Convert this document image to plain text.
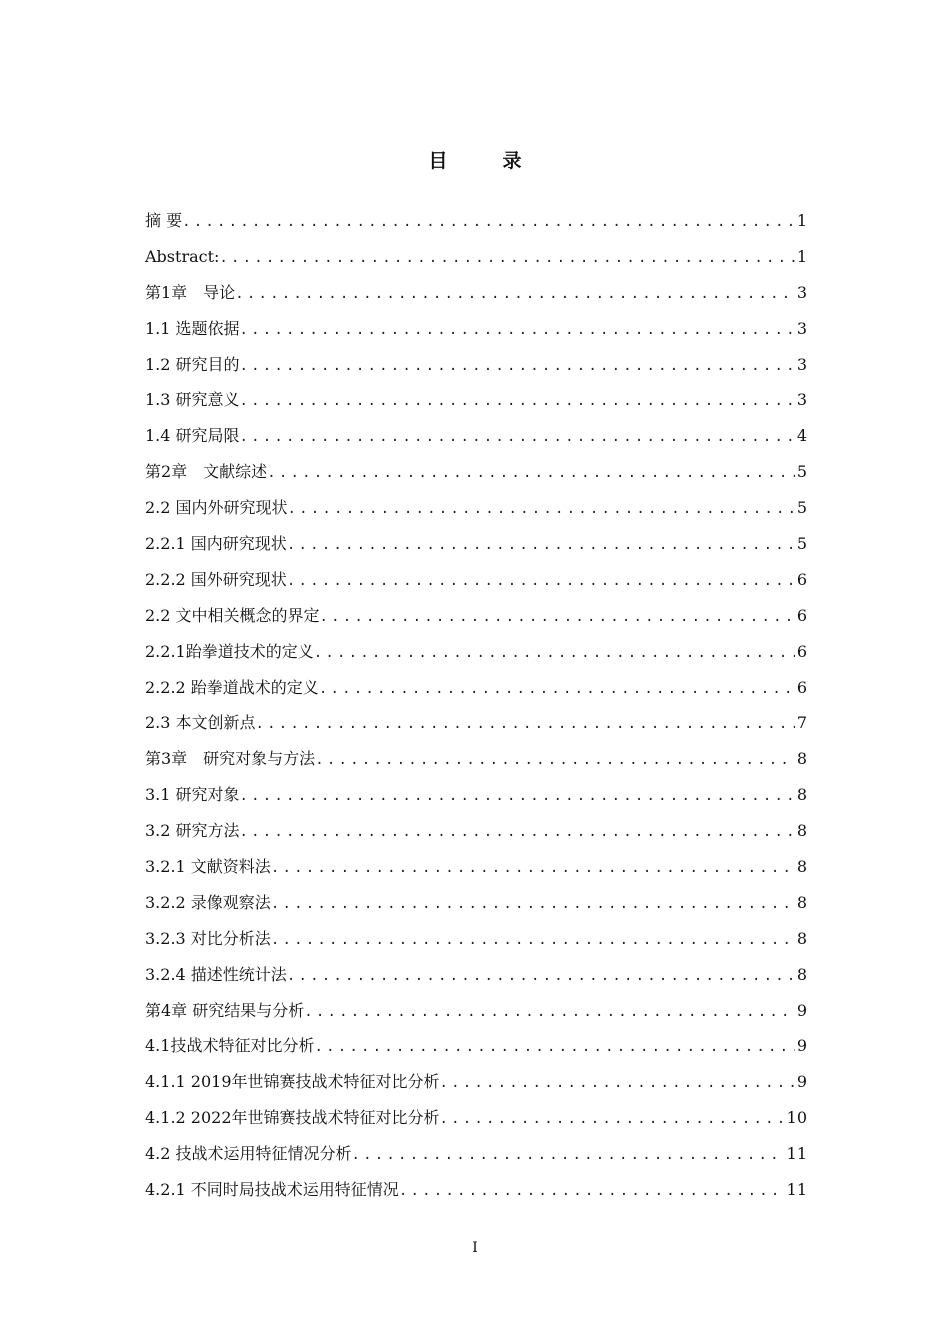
目　录
摘 要 .....	1
Abstract: .....	1
第1章　导论 .....	3
1.1 选题依据 .....	3
1.2 研究目的 .....	3
1.3 研究意义 .....	3
1.4 研究局限 .....	4
第2章　文献综述 .....	5
2.2 国内外研究现状 .....	5
2.2.1 国内研究现状 .....	5
2.2.2 国外研究现状 .....	6
2.2 文中相关概念的界定 .....	6
2.2.1跆拳道技术的定义 .....	6
2.2.2 跆拳道战术的定义 .....	6
2.3 本文创新点 .....	7
第3章　研究对象与方法 .....	8
3.1 研究对象 .....	8
3.2 研究方法 .....	8
3.2.1 文献资料法 .....	8
3.2.2 录像观察法 .....	8
3.2.3 对比分析法 .....	8
3.2.4 描述性统计法 .....	8
第4章 研究结果与分析 .....	9
4.1技战术特征对比分析 .....	9
4.1.1 2019年世锦赛技战术特征对比分析 .....	9
4.1.2 2022年世锦赛技战术特征对比分析 .....	10
4.2 技战术运用特征情况分析 .....	11
4.2.1 不同时局技战术运用特征情况 .....	11
I
